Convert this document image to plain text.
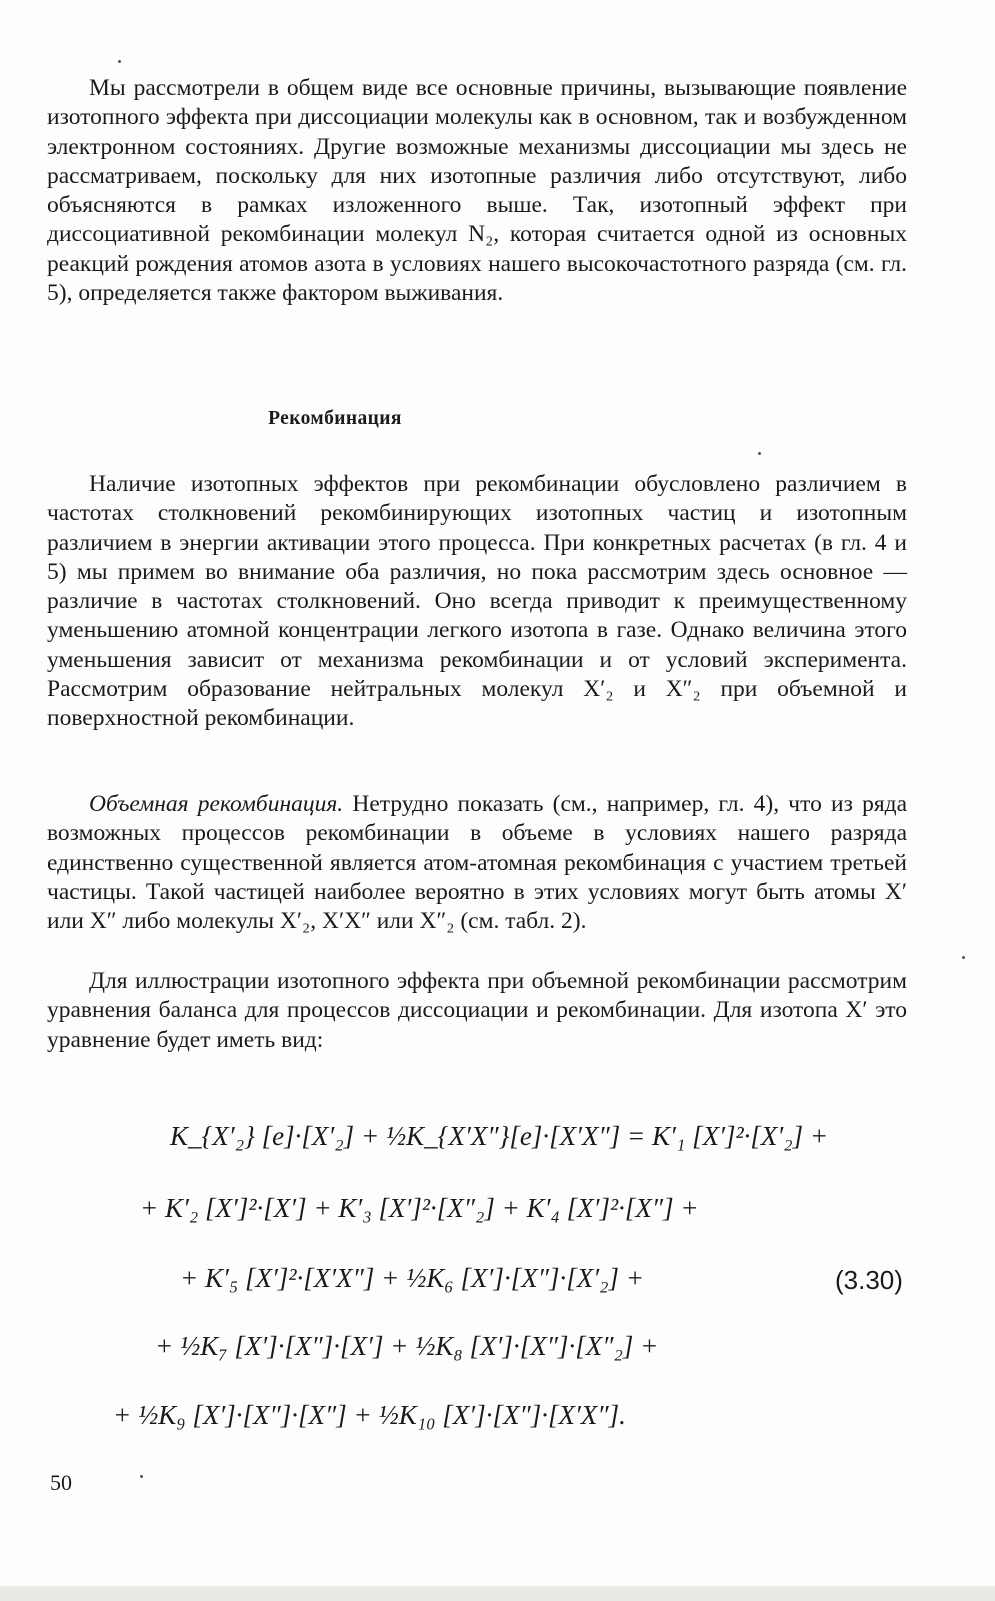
Мы рассмотрели в общем виде все основные причины, вызывающие появление изотопного эффекта при диссоциации молекулы как в основном, так и возбужденном электронном состояниях. Другие возможные механизмы диссоциации мы здесь не рассматриваем, поскольку для них изотопные различия либо отсутствуют, либо объясняются в рамках изложенного выше. Так, изотопный эффект при диссоциативной рекомбинации молекул N₂, которая считается одной из основных реакций рождения атомов азота в условиях нашего высокочастотного разряда (см. гл. 5), определяется также фактором выживания.
Рекомбинация
Наличие изотопных эффектов при рекомбинации обусловлено различием в частотах столкновений рекомбинирующих изотопных частиц и изотопным различием в энергии активации этого процесса. При конкретных расчетах (в гл. 4 и 5) мы примем во внимание оба различия, но пока рассмотрим здесь основное — различие в частотах столкновений. Оно всегда приводит к преимущественному уменьшению атомной концентрации легкого изотопа в газе. Однако величина этого уменьшения зависит от механизма рекомбинации и от условий эксперимента. Рассмотрим образование нейтральных молекул X′₂ и X″₂ при объемной и поверхностной рекомбинации.
Объемная рекомбинация. Нетрудно показать (см., например, гл. 4), что из ряда возможных процессов рекомбинации в объеме в условиях нашего разряда единственно существенной является атом-атомная рекомбинация с участием третьей частицы. Такой частицей наиболее вероятно в этих условиях могут быть атомы X′ или X″ либо молекулы X′₂, X′X″ или X″₂ (см. табл. 2).
Для иллюстрации изотопного эффекта при объемной рекомбинации рассмотрим уравнения баланса для процессов диссоциации и рекомбинации. Для изотопа X′ это уравнение будет иметь вид:
K_{X′₂} [e]·[X′₂] + ½K_{X′X″}[e]·[X′X″] = K′₁ [X′]²·[X′₂] +
+ K′₂ [X′]²·[X′] + K′₃ [X′]²·[X″₂] + K′₄ [X′]²·[X″] +
+ K′₅ [X′]²·[X′X″] + ½K₆ [X′]·[X″]·[X′₂] +
+ ½K₇ [X′]·[X″]·[X′] + ½K₈ [X′]·[X″]·[X″₂] +
+ ½K₉ [X′]·[X″]·[X″] + ½K₁₀ [X′]·[X″]·[X′X″].
(3.30)
50
